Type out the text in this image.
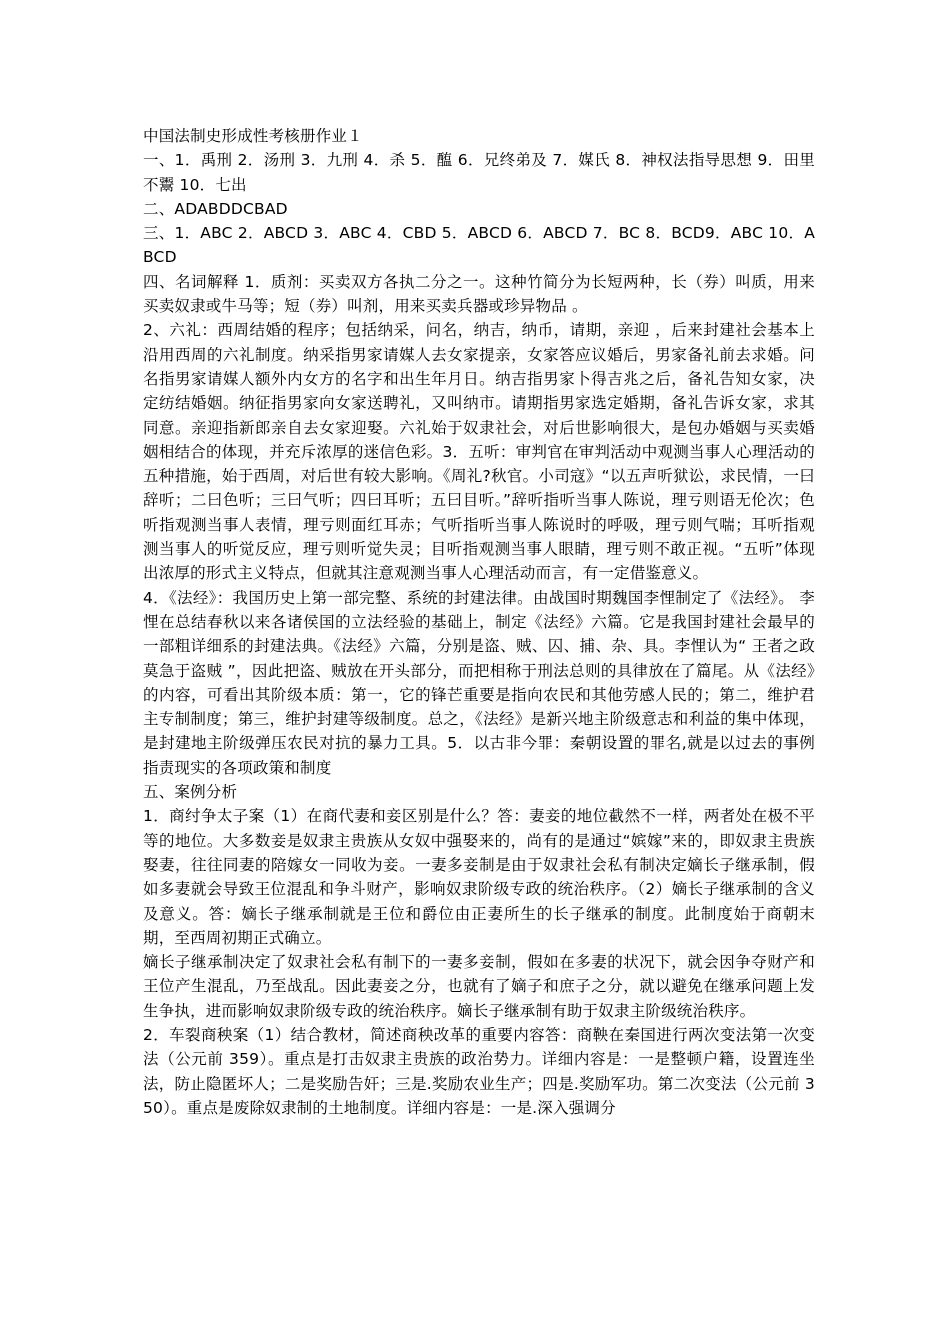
中国法制史形成性考核册作业１

一、1．禹刑 2．汤刑 3．九刑 4．杀 5．醢 6．兄终弟及 7．媒氏 8．神权法指导思想 9．田里不鬻 10．七出

二、ADABDDCBAD

三、1．ABC 2．ABCD 3．ABC 4．CBD 5．ABCD 6．ABCD 7．BC 8．BCD9．ABC 10．ABCD

四、名词解释 1．质剂：买卖双方各执二分之一。这种竹简分为长短两种，长（券）叫质，用来买卖奴隶或牛马等；短（券）叫剂，用来买卖兵器或珍异物品 。

2、六礼：西周结婚的程序；包括纳采，问名，纳吉，纳币，请期，亲迎 ，后来封建社会基本上沿用西周的六礼制度。纳采指男家请媒人去女家提亲，女家答应议婚后，男家备礼前去求婚。问名指男家请媒人额外内女方的名字和出生年月日。纳吉指男家卜得吉兆之后，备礼告知女家，决定纺结婚姻。纳征指男家向女家送聘礼，又叫纳市。请期指男家选定婚期，备礼告诉女家，求其同意。亲迎指新郎亲自去女家迎娶。六礼始于奴隶社会，对后世影响很大，是包办婚姻与买卖婚姻相结合的体现，并充斥浓厚的迷信色彩。3．五听：审判官在审判活动中观测当事人心理活动的五种措施，始于西周，对后世有较大影响。《周礼?秋官。小司寇》“以五声听狱讼，求民情，一曰辞听；二曰色听；三曰气听；四曰耳听；五曰目听。”辞听指听当事人陈说，理亏则语无伦次；色听指观测当事人表情，理亏则面红耳赤；气听指听当事人陈说时的呼吸，理亏则气喘；耳听指观测当事人的听觉反应，理亏则听觉失灵；目听指观测当事人眼睛，理亏则不敢正视。“五听”体现出浓厚的形式主义特点，但就其注意观测当事人心理活动而言，有一定借鉴意义。

4．《法经》：我国历史上第一部完整、系统的封建法律。由战国时期魏国李悝制定了《法经》。 李悝在总结春秋以来各诸侯国的立法经验的基础上，制定《法经》六篇。它是我国封建社会最早的一部粗详细系的封建法典。《法经》六篇，分别是盗、贼、囚、捕、杂、具。李悝认为“ 王者之政莫急于盗贼 ”，因此把盗、贼放在开头部分，而把相称于刑法总则的具律放在了篇尾。从《法经》的内容，可看出其阶级本质：第一，它的锋芒重要是指向农民和其他劳感人民的；第二，维护君主专制制度；第三，维护封建等级制度。总之，《法经》是新兴地主阶级意志和利益的集中体现，是封建地主阶级弹压农民对抗的暴力工具。5．以古非今罪：秦朝设置的罪名,就是以过去的事例指责现实的各项政策和制度

五、案例分析

1．商纣争太子案（1）在商代妻和妾区别是什么？答：妻妾的地位截然不一样，两者处在极不平等的地位。大多数妾是奴隶主贵族从女奴中强娶来的，尚有的是通过“嫔嫁”来的，即奴隶主贵族娶妻，往往同妻的陪嫁女一同收为妾。一妻多妾制是由于奴隶社会私有制决定嫡长子继承制，假如多妻就会导致王位混乱和争斗财产，影响奴隶阶级专政的统治秩序。（2）嫡长子继承制的含义及意义。答：嫡长子继承制就是王位和爵位由正妻所生的长子继承的制度。此制度始于商朝末期，至西周初期正式确立。

嫡长子继承制决定了奴隶社会私有制下的一妻多妾制，假如在多妻的状况下，就会因争夺财产和王位产生混乱，乃至战乱。因此妻妾之分，也就有了嫡子和庶子之分，就以避免在继承问题上发生争执，进而影响奴隶阶级专政的统治秩序。嫡长子继承制有助于奴隶主阶级统治秩序。

2．车裂商秧案（1）结合教材，简述商秧改革的重要内容答：商鞅在秦国进行两次变法第一次变法（公元前 359）。重点是打击奴隶主贵族的政治势力。详细内容是：一是整顿户籍，设置连坐法，防止隐匿坏人；二是奖励告奸；三是.奖励农业生产；四是.奖励军功。第二次变法（公元前 350）。重点是废除奴隶制的土地制度。详细内容是：一是.深入强调分
